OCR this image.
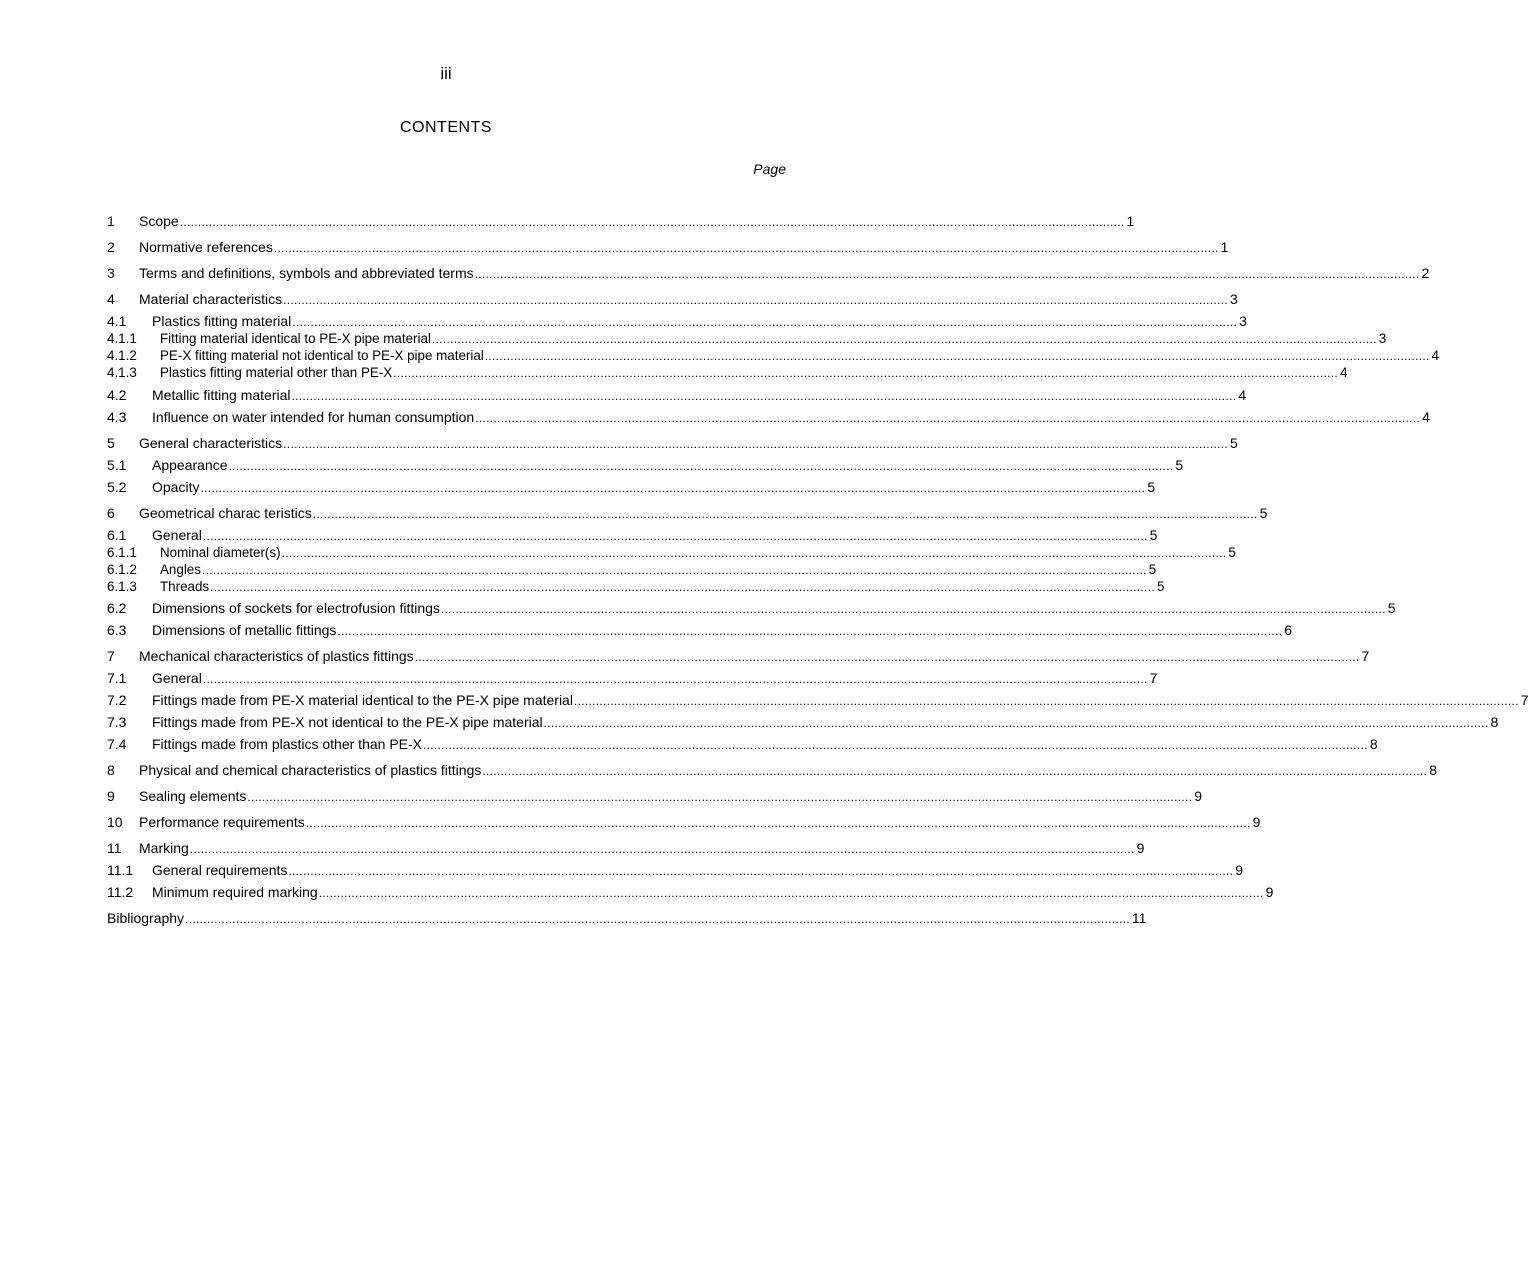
iii
CONTENTS
Page
1	Scope .................................................................................................................................................................................................................................................................... 1
2	Normative references .................................................................................................................................................................................................................................................................... 1
3	Terms and definitions, symbols and abbreviated terms .................................................................................................................................................................................................................................................................... 2
4	Material characteristics .................................................................................................................................................................................................................................................................... 3
4.1	Plastics fitting material .................................................................................................................................................................................................................................................................... 3
4.1.1	Fitting material identical to PE-X pipe material .................................................................................................................................................................................................................................................................... 3
4.1.2	PE-X fitting material not identical to PE-X pipe material .................................................................................................................................................................................................................................................................... 4
4.1.3	Plastics fitting material other than PE-X .................................................................................................................................................................................................................................................................... 4
4.2	Metallic fitting material .................................................................................................................................................................................................................................................................... 4
4.3	Influence on water intended for human consumption .................................................................................................................................................................................................................................................................... 4
5	General characteristics .................................................................................................................................................................................................................................................................... 5
5.1	Appearance .................................................................................................................................................................................................................................................................... 5
5.2	Opacity .................................................................................................................................................................................................................................................................... 5
6	Geometrical charac teristics .................................................................................................................................................................................................................................................................... 5
6.1	General .................................................................................................................................................................................................................................................................... 5
6.1.1	Nominal diameter(s) .................................................................................................................................................................................................................................................................... 5
6.1.2	Angles .................................................................................................................................................................................................................................................................... 5
6.1.3	Threads .................................................................................................................................................................................................................................................................... 5
6.2	Dimensions of sockets for electrofusion fittings .................................................................................................................................................................................................................................................................... 5
6.3	Dimensions of metallic fittings .................................................................................................................................................................................................................................................................... 6
7	Mechanical characteristics of plastics fittings .................................................................................................................................................................................................................................................................... 7
7.1	General .................................................................................................................................................................................................................................................................... 7
7.2	Fittings made from PE-X material identical to the PE-X pipe material .................................................................................................................................................................................................................................................................... 7
7.3	Fittings made from PE-X not identical to the PE-X pipe material .................................................................................................................................................................................................................................................................... 8
7.4	Fittings made from plastics other than PE-X .................................................................................................................................................................................................................................................................... 8
8	Physical and chemical characteristics of plastics fittings .................................................................................................................................................................................................................................................................... 8
9	Sealing elements .................................................................................................................................................................................................................................................................... 9
10	Performance requirements .................................................................................................................................................................................................................................................................... 9
11	Marking .................................................................................................................................................................................................................................................................... 9
11.1	General requirements .................................................................................................................................................................................................................................................................... 9
11.2	Minimum required marking .................................................................................................................................................................................................................................................................... 9
Bibliography .................................................................................................................................................................................................................................................................... 11
